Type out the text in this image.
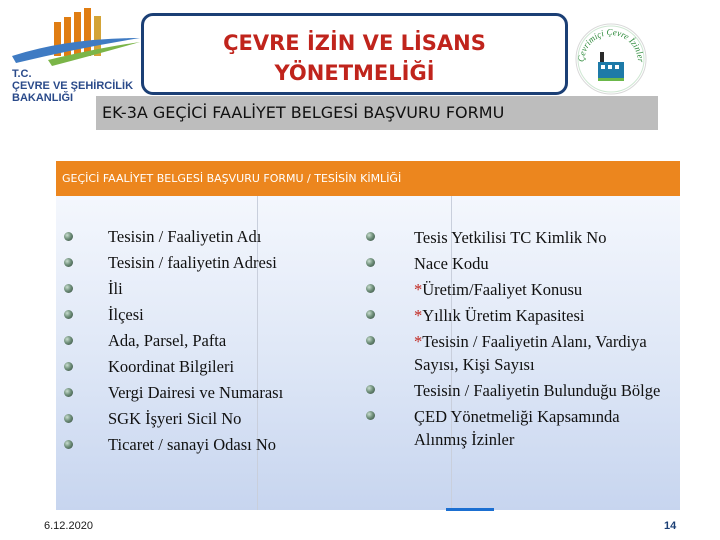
T.C.
ÇEVRE VE ŞEHİRCİLİK
BAKANLIĞI
ÇEVRE İZİN VE LİSANS
YÖNETMELİĞİ
Çevrimiçi Çevre İzinler
EK-3A GEÇİCİ FAALİYET BELGESİ BAŞVURU FORMU
GEÇİCİ FAALİYET BELGESİ BAŞVURU FORMU / TESİSİN KİMLİĞİ
Tesisin / Faaliyetin Adı
Tesisin / faaliyetin Adresi
İli
İlçesi
Ada, Parsel, Pafta
Koordinat Bilgileri
Vergi Dairesi ve Numarası
SGK İşyeri Sicil No
Ticaret / sanayi Odası No
Tesis Yetkilisi TC Kimlik No
Nace Kodu
*Üretim/Faaliyet Konusu
*Yıllık Üretim Kapasitesi
*Tesisin / Faaliyetin Alanı, Vardiya Sayısı, Kişi Sayısı
Tesisin / Faaliyetin Bulunduğu Bölge
ÇED Yönetmeliği Kapsamında Alınmış İzinler
6.12.2020	14
